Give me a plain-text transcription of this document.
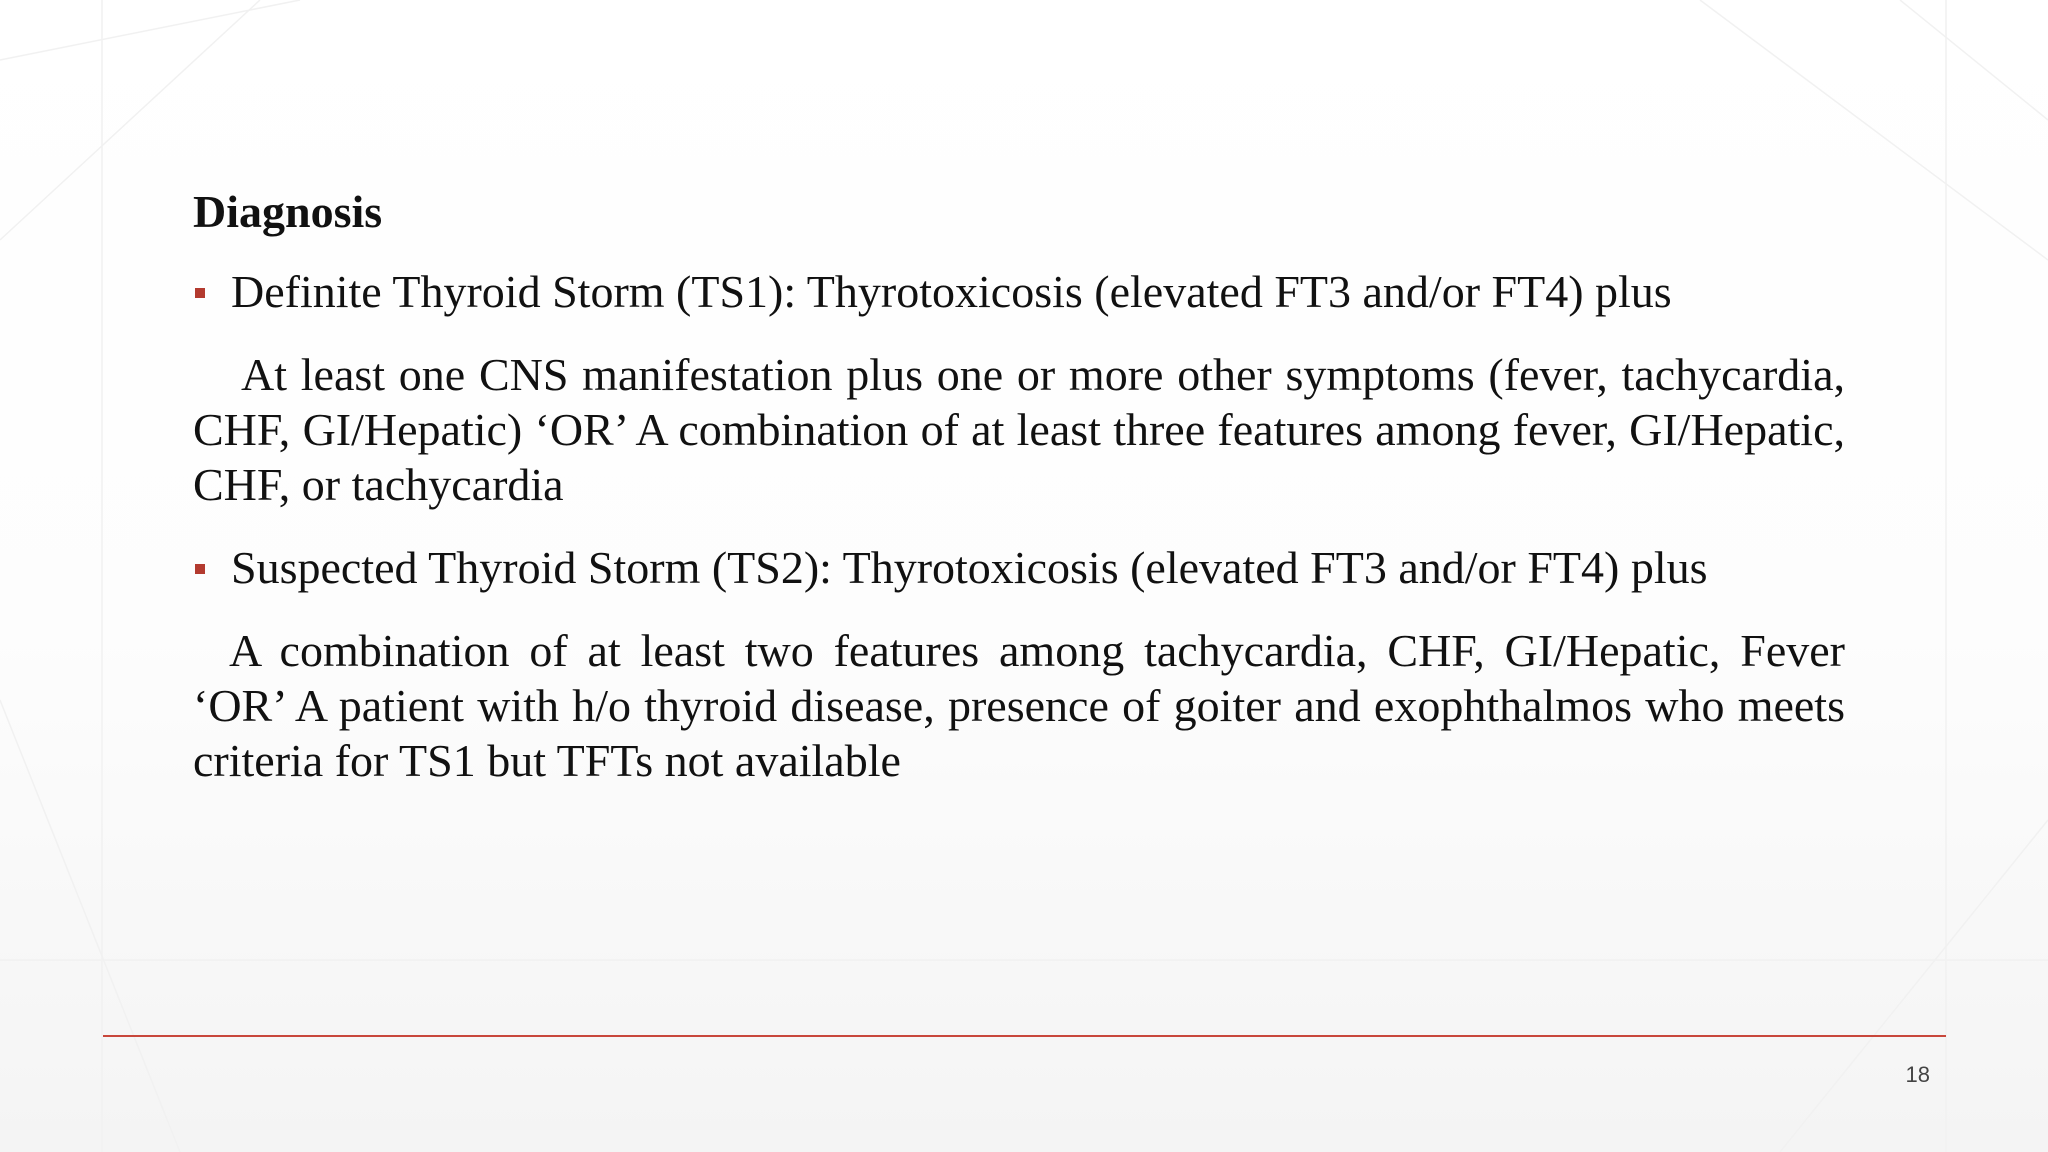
Diagnosis
Definite Thyroid Storm (TS1): Thyrotoxicosis (elevated FT3 and/or FT4) plus
At least one CNS manifestation plus one or more other symptoms (fever, tachycardia, CHF, GI/Hepatic) ‘OR’ A combination of at least three features among fever, GI/Hepatic, CHF, or tachycardia
Suspected Thyroid Storm (TS2): Thyrotoxicosis (elevated FT3 and/or FT4) plus
A combination of at least two features among tachycardia, CHF, GI/Hepatic, Fever ‘OR’ A patient with h/o thyroid disease, presence of goiter and exophthalmos who meets criteria for TS1 but TFTs not available
18
